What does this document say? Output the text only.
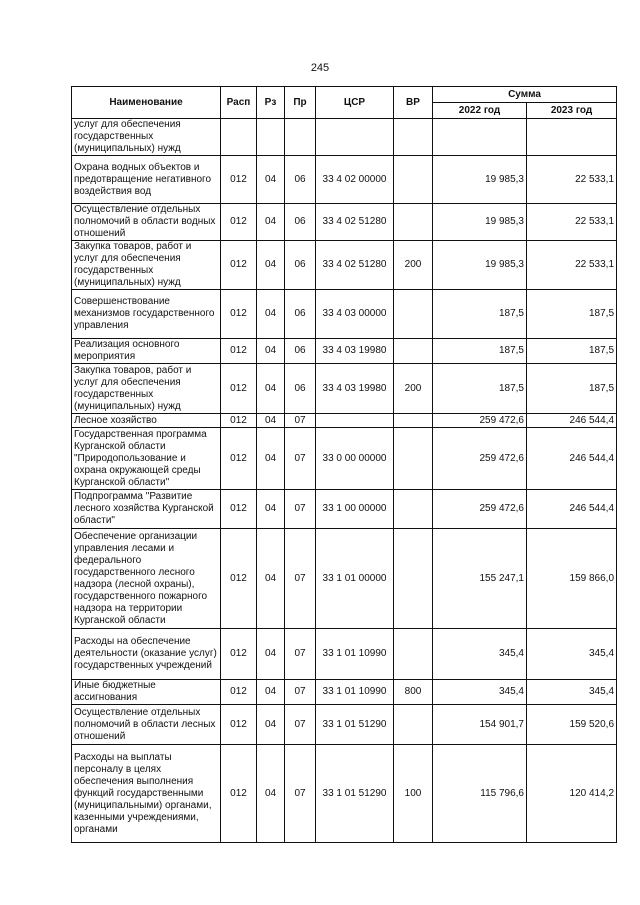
245
Наименование	Расп	Рз	Пр	ЦСР	ВР	Сумма	
						2022 год	2023 год
услуг для обеспечения государственных (муниципальных) нужд							
Охрана водных объектов и предотвращение негативного воздействия вод	012	04	06	33 4 02 00000		19 985,3	22 533,1
Осуществление отдельных полномочий в области водных отношений	012	04	06	33 4 02 51280		19 985,3	22 533,1
Закупка товаров, работ и услуг для обеспечения государственных (муниципальных) нужд	012	04	06	33 4 02 51280	200	19 985,3	22 533,1
Совершенствование механизмов государственного управления	012	04	06	33 4 03 00000		187,5	187,5
Реализация основного мероприятия	012	04	06	33 4 03 19980		187,5	187,5
Закупка товаров, работ и услуг для обеспечения государственных (муниципальных) нужд	012	04	06	33 4 03 19980	200	187,5	187,5
Лесное хозяйство	012	04	07			259 472,6	246 544,4
Государственная программа Курганской области "Природопользование и охрана окружающей среды Курганской области"	012	04	07	33 0 00 00000		259 472,6	246 544,4
Подпрограмма "Развитие лесного хозяйства Курганской области"	012	04	07	33 1 00 00000		259 472,6	246 544,4
Обеспечение организации управления лесами и федерального государственного лесного надзора (лесной охраны), государственного пожарного надзора на территории Курганской области	012	04	07	33 1 01 00000		155 247,1	159 866,0
Расходы на обеспечение деятельности (оказание услуг) государственных учреждений	012	04	07	33 1 01 10990		345,4	345,4
Иные бюджетные ассигнования	012	04	07	33 1 01 10990	800	345,4	345,4
Осуществление отдельных полномочий в области лесных отношений	012	04	07	33 1 01 51290		154 901,7	159 520,6
Расходы на выплаты персоналу в целях обеспечения выполнения функций государственными (муниципальными) органами, казенными учреждениями, органами	012	04	07	33 1 01 51290	100	115 796,6	120 414,2
